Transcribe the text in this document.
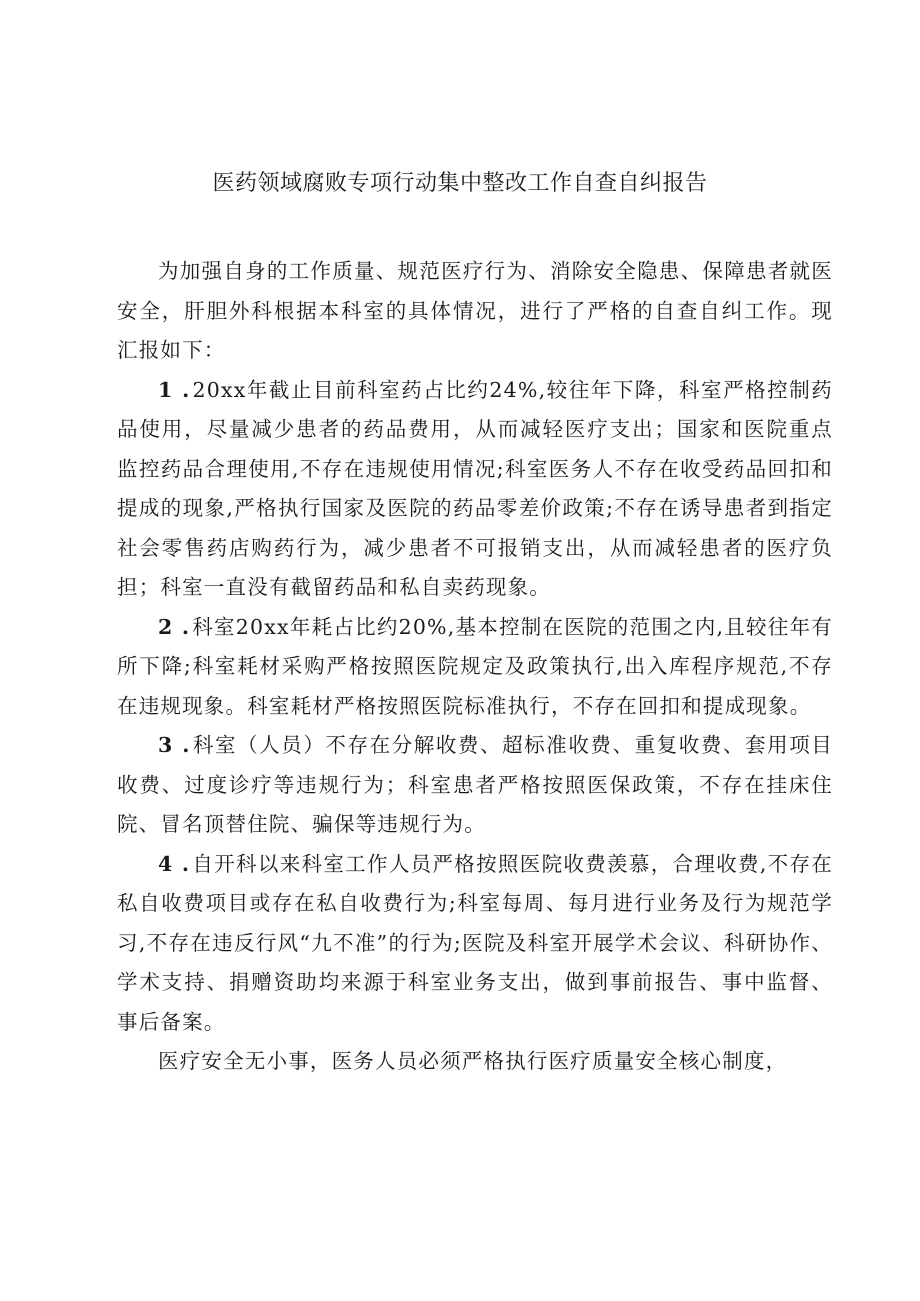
医药领域腐败专项行动集中整改工作自查自纠报告

为加强自身的工作质量、规范医疗行为、消除安全隐患、保障患者就医安全，肝胆外科根据本科室的具体情况，进行了严格的自查自纠工作。现汇报如下：

1 .20xx年截止目前科室药占比约24%,较往年下降，科室严格控制药品使用，尽量减少患者的药品费用，从而减轻医疗支出；国家和医院重点监控药品合理使用,不存在违规使用情况;科室医务人不存在收受药品回扣和提成的现象,严格执行国家及医院的药品零差价政策;不存在诱导患者到指定社会零售药店购药行为，减少患者不可报销支出，从而减轻患者的医疗负担；科室一直没有截留药品和私自卖药现象。

2 .科室20xx年耗占比约20%,基本控制在医院的范围之内,且较往年有所下降;科室耗材采购严格按照医院规定及政策执行,出入库程序规范,不存在违规现象。科室耗材严格按照医院标准执行，不存在回扣和提成现象。

3 .科室（人员）不存在分解收费、超标准收费、重复收费、套用项目收费、过度诊疗等违规行为；科室患者严格按照医保政策，不存在挂床住院、冒名顶替住院、骗保等违规行为。

4 .自开科以来科室工作人员严格按照医院收费羡慕，合理收费,不存在私自收费项目或存在私自收费行为;科室每周、每月进行业务及行为规范学习,不存在违反行风“九不准”的行为;医院及科室开展学术会议、科研协作、学术支持、捐赠资助均来源于科室业务支出，做到事前报告、事中监督、事后备案。

医疗安全无小事，医务人员必须严格执行医疗质量安全核心制度，
